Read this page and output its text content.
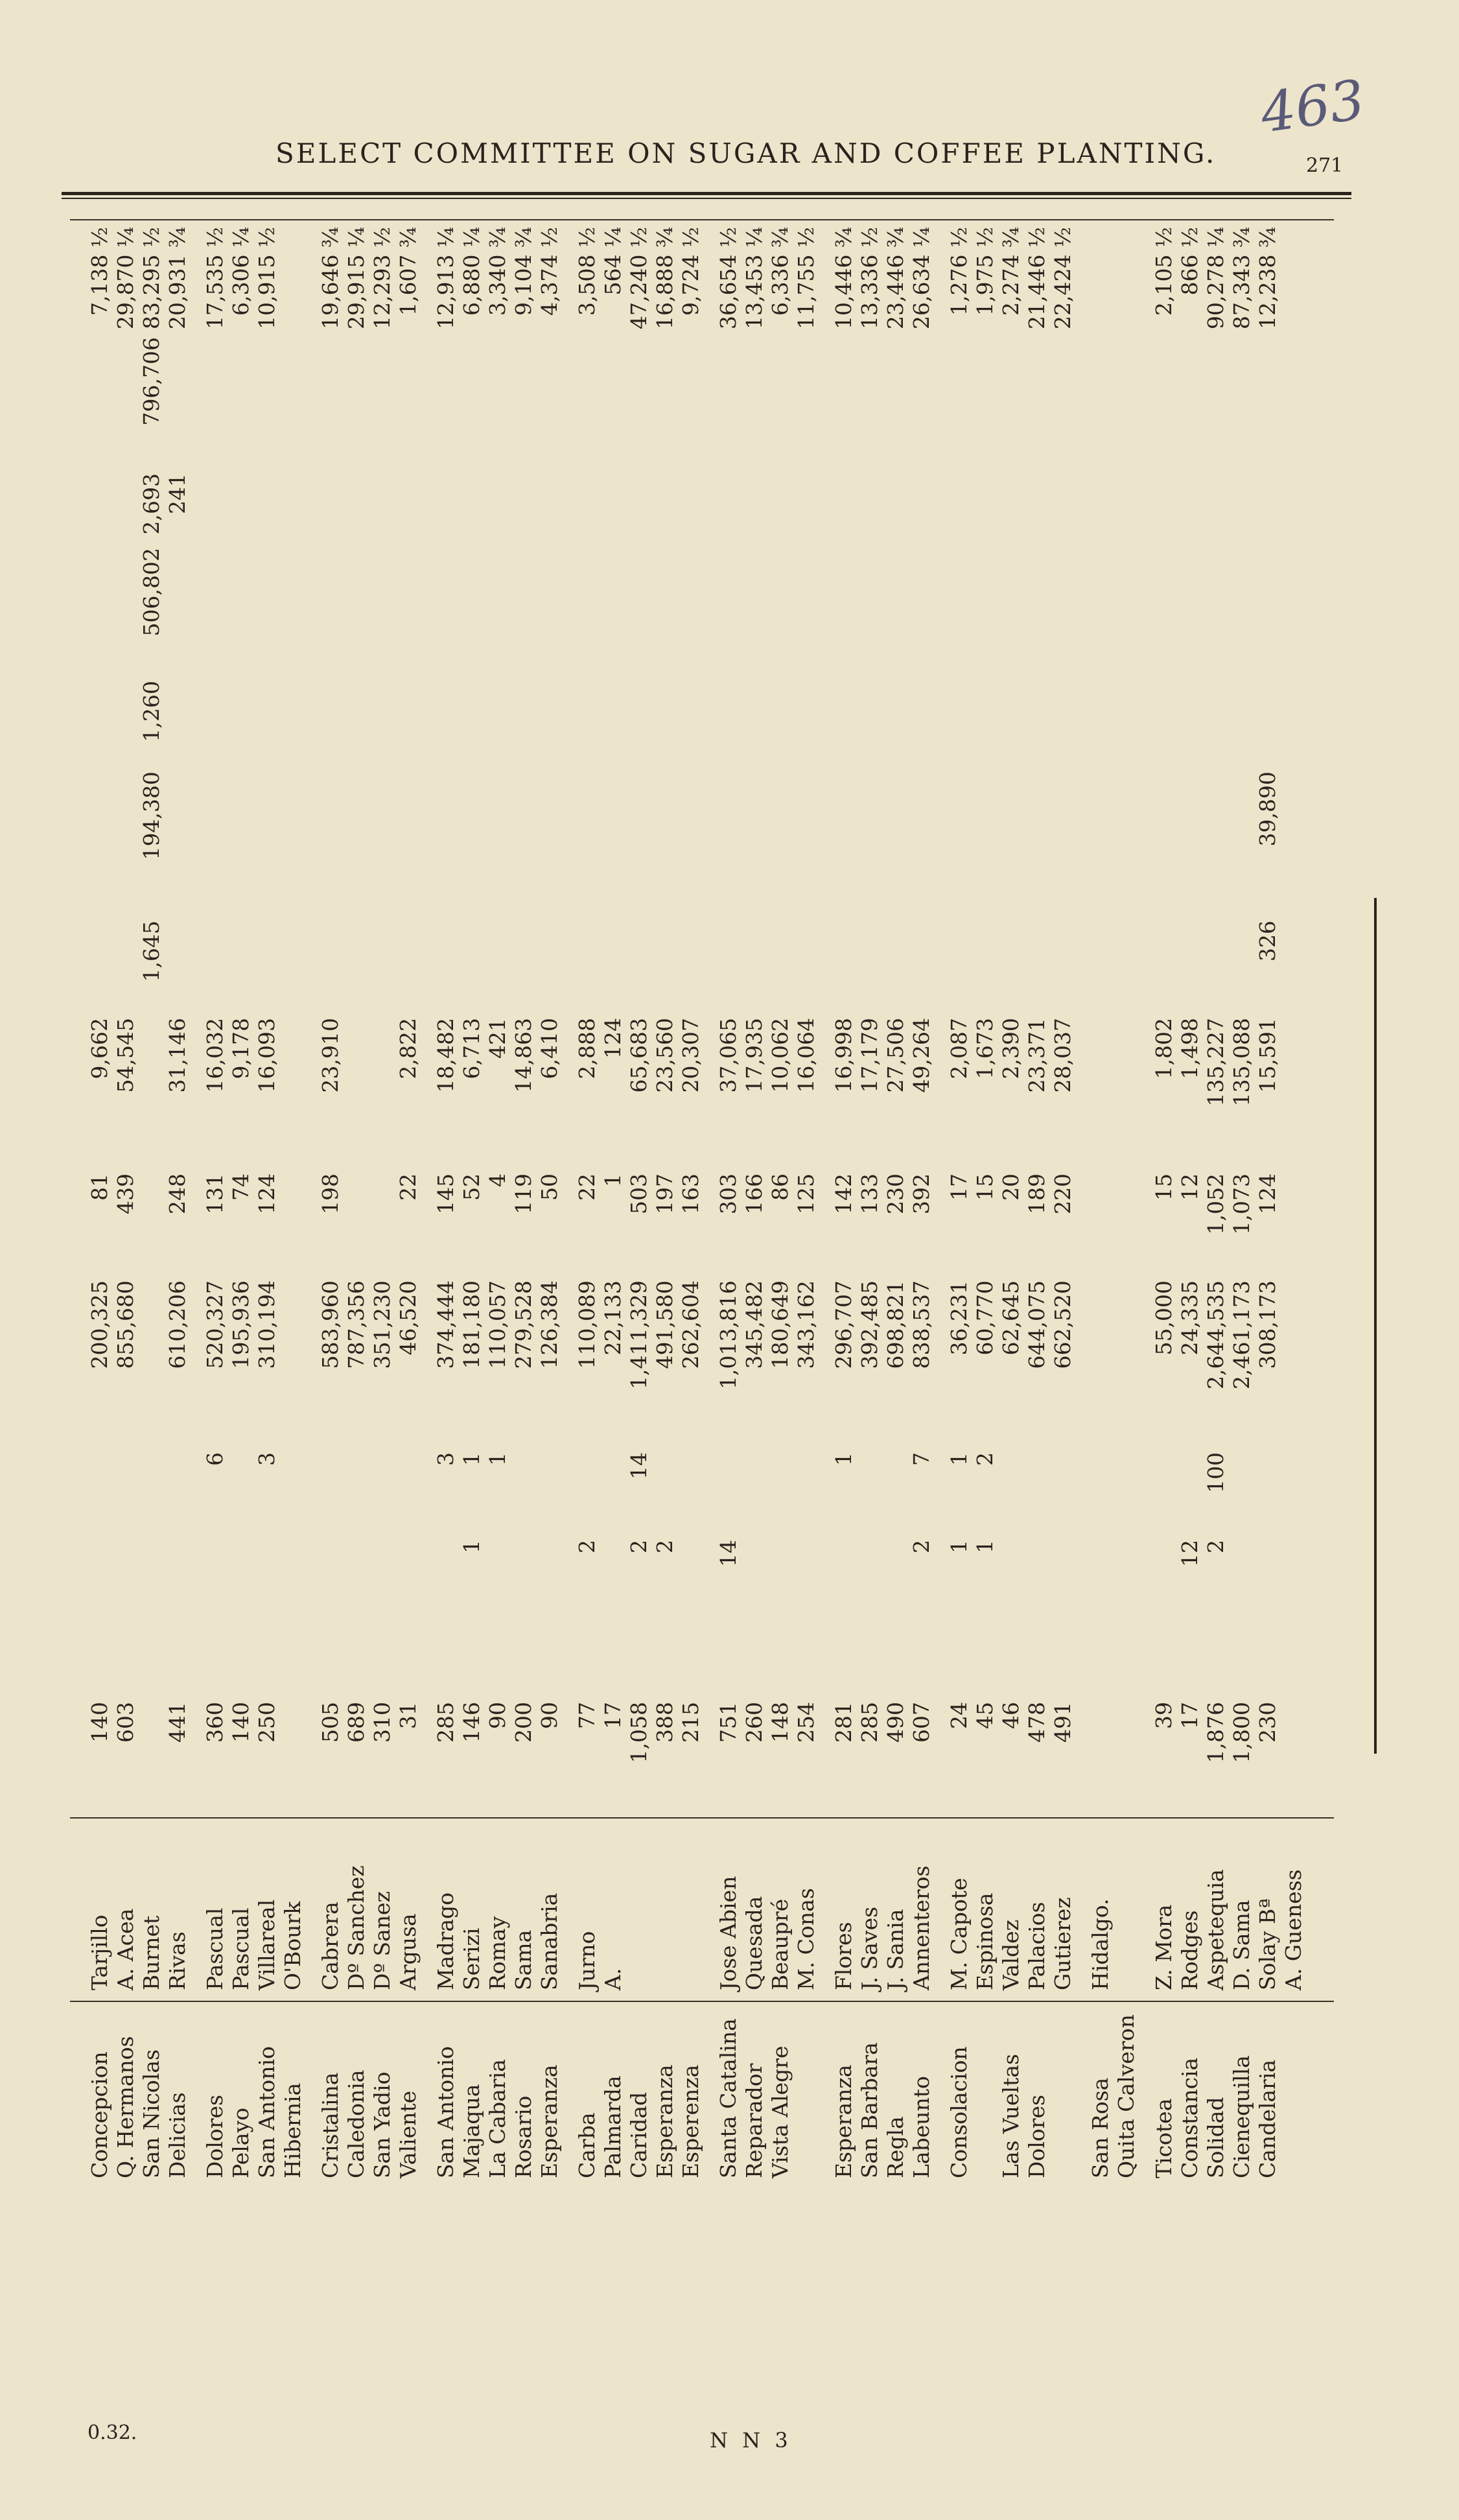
463
SELECT COMMITTEE ON SUGAR AND COFFEE PLANTING.	271
Concepcion
Tarjillo
140
200,325
81
9,662
7,138 ½
Q. Hermanos
A. Acea
603
855,680
439
54,545
29,870 ¼
San Nicolas
Burnet
1,645
194,380
1,260
506,802
2,693
796,706
83,295 ½
Delicias
Rivas
441
610,206
248
31,146
241
20,931 ¾
Dolores
Pascual
360
6
520,327
131
16,032
17,535 ½
Pelayo
Pascual
140
195,936
74
9,178
6,306 ¼
San Antonio
Villareal
250
3
310,194
124
16,093
10,915 ½
Hibernia
O'Bourk
Cristalina
Cabrera
505
583,960
198
23,910
19,646 ¾
Caledonia
Dº Sanchez
689
787,356
29,915 ¼
San Yadio
Dº Sanez
310
351,230
12,293 ½
Valiente
Argusa
31
46,520
22
2,822
1,607 ¾
San Antonio
Madrago
285
3
374,444
145
18,482
12,913 ¼
Majaqua
Serizi
146
1
1
181,180
52
6,713
6,880 ¼
La Cabaria
Romay
90
1
110,057
4
421
3,340 ¾
Rosario
Sama
200
279,528
119
14,863
9,104 ¾
Esperanza
Sanabria
90
126,384
50
6,410
4,374 ½
Carba
Jurno
77
2
110,089
22
2,888
3,508 ½
Palmarda
A.
17
22,133
1
124
564 ¼
Caridad
1,058
2
14
1,411,329
503
65,683
47,240 ½
Esperanza
388
2
491,580
197
23,560
16,888 ¾
Esperenza
215
262,604
163
20,307
9,724 ½
Santa Catalina
Jose Abien
751
14
1,013,816
303
37,065
36,654 ½
Reparador
Quesada
260
345,482
166
17,935
13,453 ¼
Vista Alegre
Beaupré
148
180,649
86
10,062
6,336 ¾
M. Conas
254
343,162
125
16,064
11,755 ½
Esperanza
Flores
281
1
296,707
142
16,998
10,446 ¾
San Barbara
J. Saves
285
392,485
133
17,179
13,336 ½
Regla
J. Sania
490
698,821
230
27,506
23,446 ¾
Labeunto
Annenteros
607
2
7
838,537
392
49,264
26,634 ¼
Consolacion
M. Capote
24
1
1
36,231
17
2,087
1,276 ½
Espinosa
45
1
2
60,770
15
1,673
1,975 ½
Las Vueltas
Valdez
46
62,645
20
2,390
2,274 ¾
Dolores
Palacios
478
644,075
189
23,371
21,446 ½
Gutierez
491
662,520
220
28,037
22,424 ½
San Rosa
Hidalgo.
Quita Calveron Ticotea
Z. Mora
39
55,000
15
1,802
2,105 ½
Constancia
Rodges
17
12
24,335
12
1,498
866 ½
Solidad
Aspetequia
1,876
2
100
2,644,535
1,052
135,227
90,278 ¼
Cienequilla
D. Sama
1,800
2,461,173
1,073
135,088
87,343 ¾
Candelaria
Solay Bª
230
308,173
124
15,591
326
39,890
12,238 ¾
A. Gueness
0.32.	N N 3
